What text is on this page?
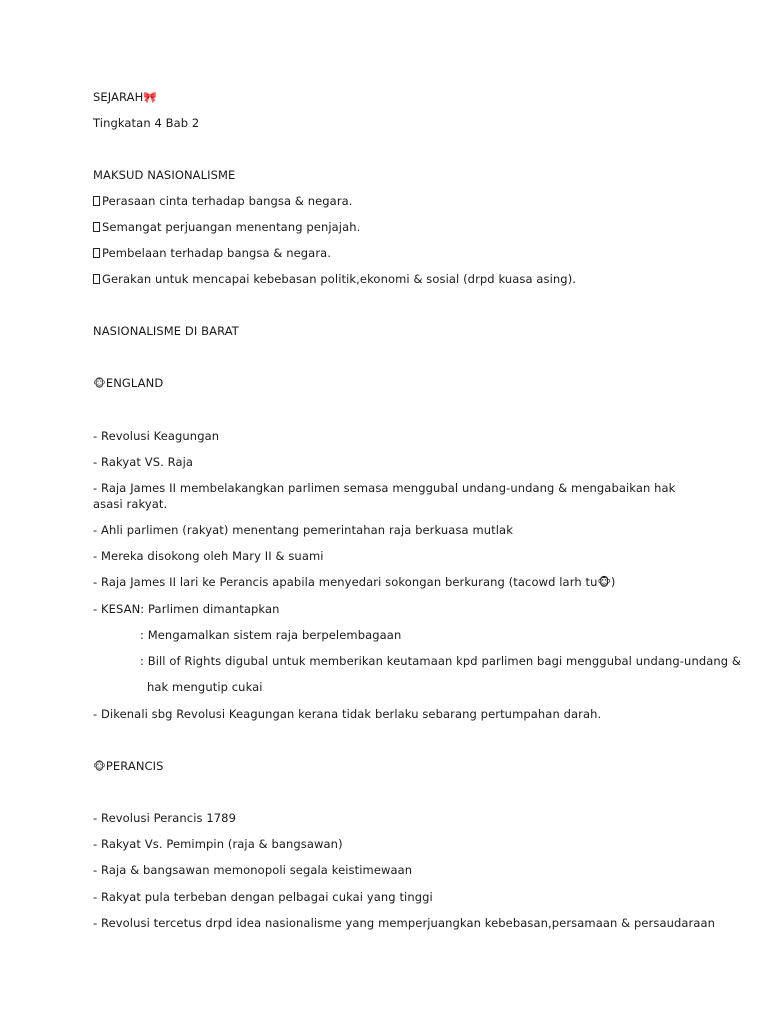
SEJARAH🎀
Tingkatan 4 Bab 2
MAKSUD NASIONALISME
Perasaan cinta terhadap bangsa & negara.
Semangat perjuangan menentang penjajah.
Pembelaan terhadap bangsa & negara.
Gerakan untuk mencapai kebebasan politik,ekonomi & sosial (drpd kuasa asing).
NASIONALISME DI BARAT
🐵ENGLAND
- Revolusi Keagungan
- Rakyat VS. Raja
- Raja James II membelakangkan parlimen semasa menggubal undang-undang & mengabaikan hak asasi rakyat.
- Ahli parlimen (rakyat) menentang pemerintahan raja berkuasa mutlak
- Mereka disokong oleh Mary II & suami
- Raja James II lari ke Perancis apabila menyedari sokongan berkurang (tacowd larh tu🐵)
- KESAN: Parlimen dimantapkan
: Mengamalkan sistem raja berpelembagaan
: Bill of Rights digubal untuk memberikan keutamaan kpd parlimen bagi menggubal undang-undang &
hak mengutip cukai
- Dikenali sbg Revolusi Keagungan kerana tidak berlaku sebarang pertumpahan darah.
🐵PERANCIS
- Revolusi Perancis 1789
- Rakyat Vs. Pemimpin (raja & bangsawan)
- Raja & bangsawan memonopoli segala keistimewaan
- Rakyat pula terbeban dengan pelbagai cukai yang tinggi
- Revolusi tercetus drpd idea nasionalisme yang memperjuangkan kebebasan,persamaan & persaudaraan
